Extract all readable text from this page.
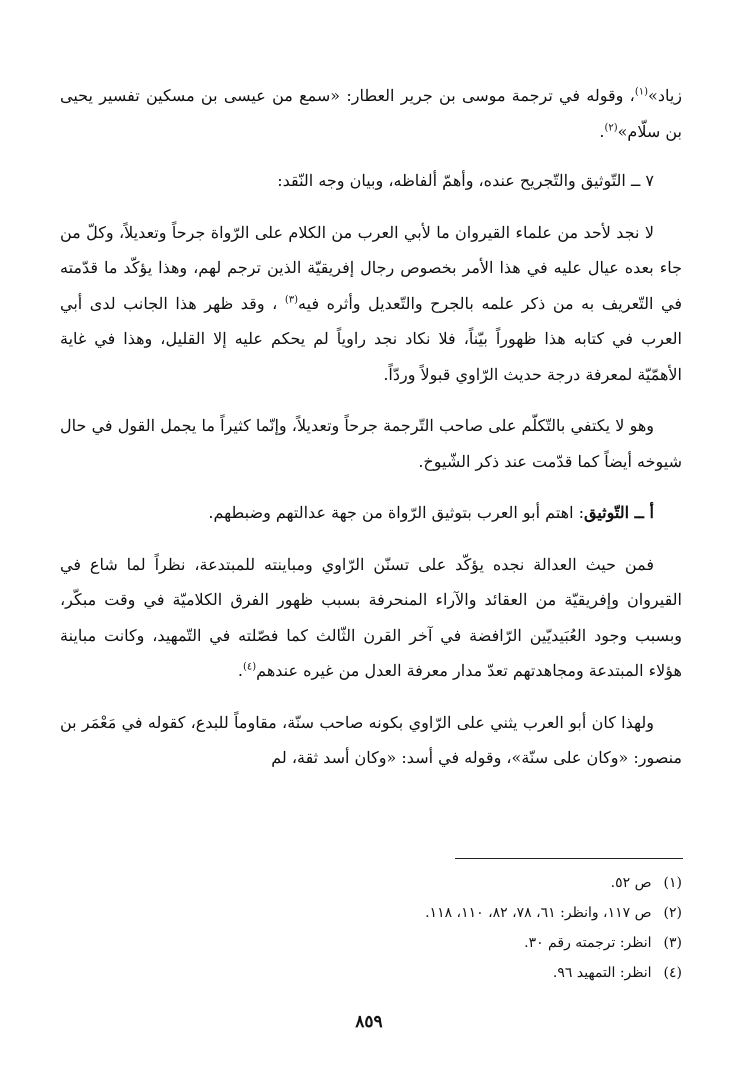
زياد»$^{(١)}$، وقوله في ترجمة موسى بن جرير العطار: «سمع من عيسى بن مسكين تفسير يحيى بن سلّام»$^{(٢)}$.

٧ ــ التّوثيق والتّجريح عنده، وأهمّ ألفاظه، وبيان وجه النّقد:

لا نجد لأحد من علماء القيروان ما لأبي العرب من الكلام على الرّواة جرحاً وتعديلاً، وكلّ من جاء بعده عيال عليه في هذا الأمر بخصوص رجال إفريقيّة الذين ترجم لهم، وهذا يؤكّد ما قدّمته في التّعريف به من ذكر علمه بالجرح والتّعديل وأثره فيه$^{(٣)}$ ، وقد ظهر هذا الجانب لدى أبي العرب في كتابه هذا ظهوراً بيّناً، فلا نكاد نجد راوياً لم يحكم عليه إلا القليل، وهذا في غاية الأهمّيّة لمعرفة درجة حديث الرّاوي قبولاً وردّاً.

وهو لا يكتفي بالتّكلّم على صاحب التّرجمة جرحاً وتعديلاً، وإنّما كثيراً ما يجمل القول في حال شيوخه أيضاً كما قدّمت عند ذكر الشّيوخ.

أ ــ التّوثيق: اهتم أبو العرب بتوثيق الرّواة من جهة عدالتهم وضبطهم.

فمن حيث العدالة نجده يؤكّد على تسنّن الرّاوي ومباينته للمبتدعة، نظراً لما شاع في القيروان وإفريقيّة من العقائد والآراء المنحرفة بسبب ظهور الفرق الكلاميّة في وقت مبكّر، وبسبب وجود العُبَيديّين الرّافضة في آخر القرن الثّالث كما فصّلته في التّمهيد، وكانت مباينة هؤلاء المبتدعة ومجاهدتهم تعدّ مدار معرفة العدل من غيره عندهم$^{(٤)}$.

ولهذا كان أبو العرب يثني على الرّاوي بكونه صاحب سنّة، مقاوماً للبدع، كقوله في مَعْمَر بن منصور: «وكان على سنّة»، وقوله في أسد: «وكان أسد ثقة، لم

(١) ص ٥٢.
(٢) ص ١١٧، وانظر: ٦١، ٧٨، ٨٢، ١١٠، ١١٨.
(٣) انظر: ترجمته رقم ٣٠.
(٤) انظر: التمهيد ٩٦.
٨٥٩
